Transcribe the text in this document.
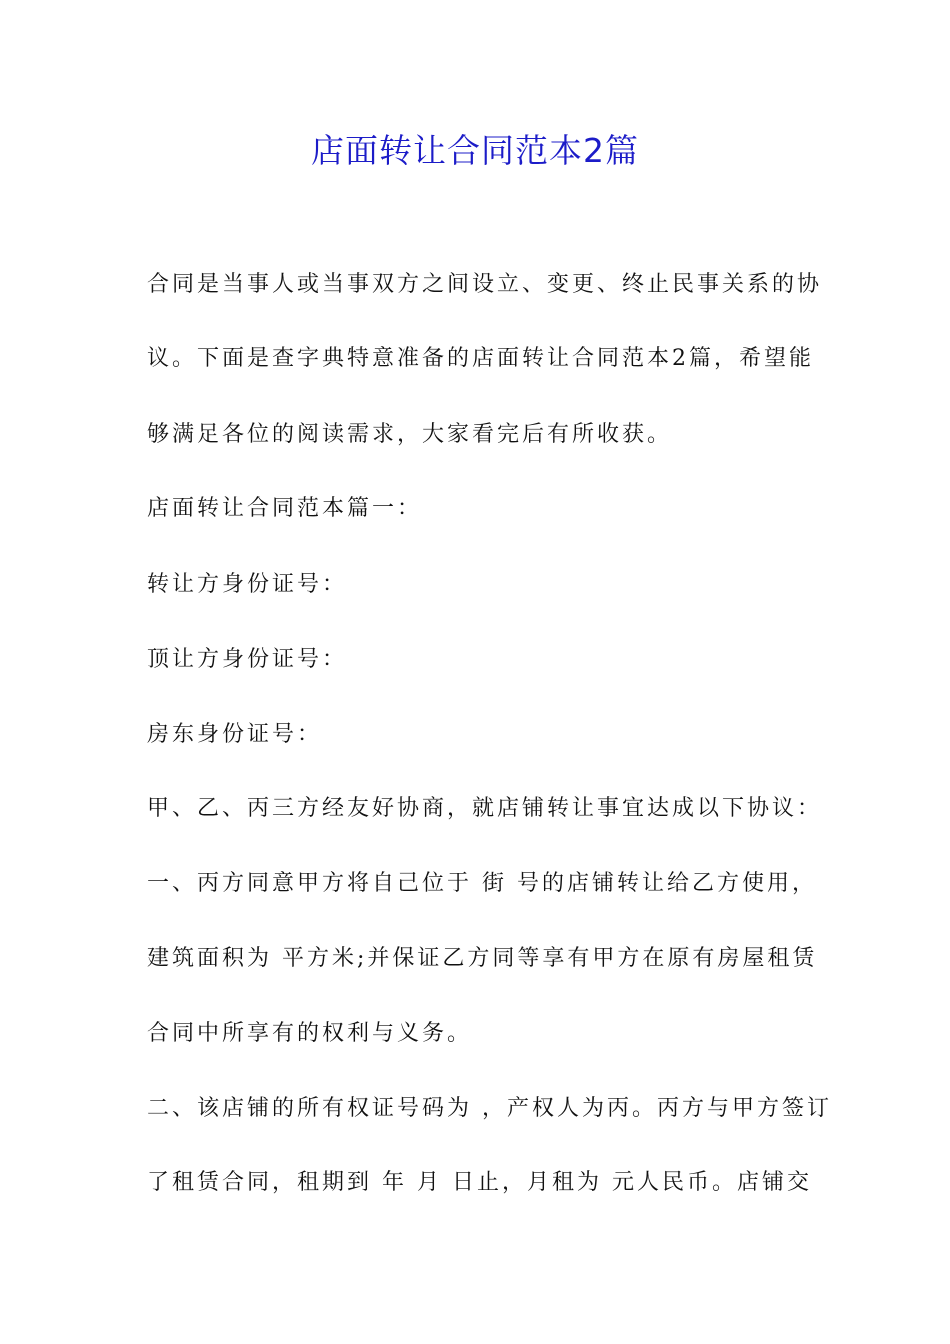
店面转让合同范本2篇
合同是当事人或当事双方之间设立、变更、终止民事关系的协
议。下面是查字典特意准备的店面转让合同范本2篇，希望能
够满足各位的阅读需求，大家看完后有所收获。
店面转让合同范本篇一：
转让方身份证号：
顶让方身份证号：
房东身份证号：
甲、乙、丙三方经友好协商，就店铺转让事宜达成以下协议：
一、丙方同意甲方将自己位于 街 号的店铺转让给乙方使用，
建筑面积为 平方米;并保证乙方同等享有甲方在原有房屋租赁
合同中所享有的权利与义务。
二、该店铺的所有权证号码为 ，产权人为丙。丙方与甲方签订
了租赁合同，租期到 年 月 日止，月租为 元人民币。店铺交
